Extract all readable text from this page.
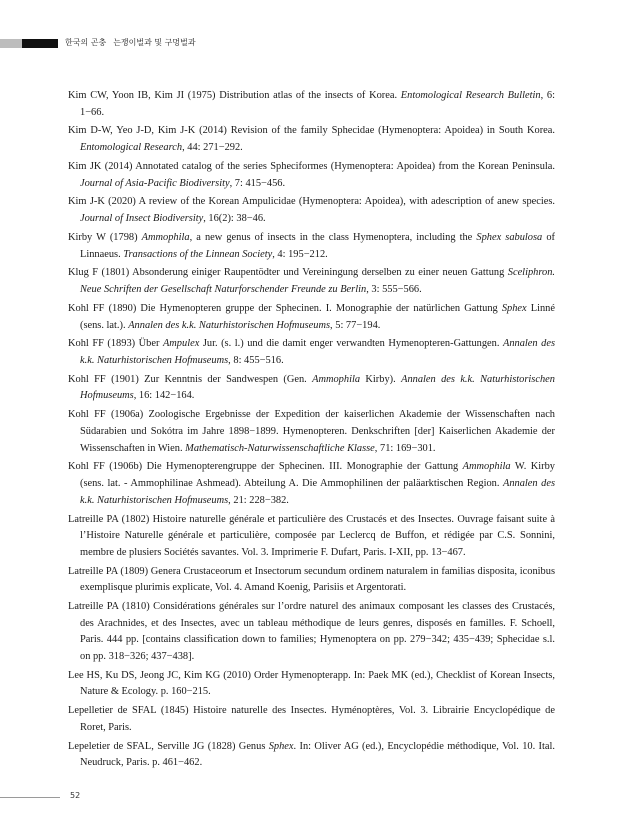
한국의 곤충 는쟁이벌과 및 구멍벌과

Kim CW, Yoon IB, Kim JI (1975) Distribution atlas of the insects of Korea. Entomological Research Bulletin, 6: 1−66.

Kim D-W, Yeo J-D, Kim J-K (2014) Revision of the family Sphecidae (Hymenoptera: Apoidea) in South Korea. Entomological Research, 44: 271−292.

Kim JK (2014) Annotated catalog of the series Spheciformes (Hymenoptera: Apoidea) from the Korean Peninsula. Journal of Asia-Pacific Biodiversity, 7: 415−456.

Kim J-K (2020) A review of the Korean Ampulicidae (Hymenoptera: Apoidea), with adescription of anew species. Journal of Insect Biodiversity, 16(2): 38−46.

Kirby W (1798) Ammophila, a new genus of insects in the class Hymenoptera, including the Sphex sabulosa of Linnaeus. Transactions of the Linnean Society, 4: 195−212.

Klug F (1801) Absonderung einiger Raupentödter und Vereiningung derselben zu einer neuen Gattung Sceliphron. Neue Schriften der Gesellschaft Naturforschender Freunde zu Berlin, 3: 555−566.

Kohl FF (1890) Die Hymenopteren gruppe der Sphecinen. I. Monographie der natürlichen Gattung Sphex Linné (sens. lat.). Annalen des k.k. Naturhistorischen Hofmuseums, 5: 77−194.

Kohl FF (1893) Über Ampulex Jur. (s. l.) und die damit enger verwandten Hymenopteren-Gattungen. Annalen des k.k. Naturhistorischen Hofmuseums, 8: 455−516.

Kohl FF (1901) Zur Kenntnis der Sandwespen (Gen. Ammophila Kirby). Annalen des k.k. Naturhistorischen Hofmuseums, 16: 142−164.

Kohl FF (1906a) Zoologische Ergebnisse der Expedition der kaiserlichen Akademie der Wissenschaften nach Südarabien und Sokótra im Jahre 1898−1899. Hymenopteren. Denkschriften [der] Kaiserlichen Akademie der Wissenschaften in Wien. Mathematisch-Naturwissenschaftliche Klasse, 71: 169−301.

Kohl FF (1906b) Die Hymenopterengruppe der Sphecinen. III. Monographie der Gattung Ammophila W. Kirby (sens. lat. - Ammophilinae Ashmead). Abteilung A. Die Ammophilinen der paläarktischen Region. Annalen des k.k. Naturhistorischen Hofmuseums, 21: 228−382.

Latreille PA (1802) Histoire naturelle générale et particulière des Crustacés et des Insectes. Ouvrage faisant suite à l’Histoire Naturelle générale et particulière, composée par Leclercq de Buffon, et rédigée par C.S. Sonnini, membre de plusiers Sociétés savantes. Vol. 3. Imprimerie F. Dufart, Paris. I-XII, pp. 13−467.

Latreille PA (1809) Genera Crustaceorum et Insectorum secundum ordinem naturalem in familias disposita, iconibus exemplisque plurimis explicate, Vol. 4. Amand Koenig, Parisiis et Argentorati.

Latreille PA (1810) Considérations générales sur l’ordre naturel des animaux composant les classes des Crustacés, des Arachnides, et des Insectes, avec un tableau méthodique de leurs genres, disposés en familles. F. Schoell, Paris. 444 pp. [contains classification down to families; Hymenoptera on pp. 279−342; 435−439; Sphecidae s.l. on pp. 318−326; 437−438].

Lee HS, Ku DS, Jeong JC, Kim KG (2010) Order Hymenopterapp. In: Paek MK (ed.), Checklist of Korean Insects, Nature & Ecology. p. 160−215.

Lepelletier de SFAL (1845) Histoire naturelle des Insectes. Hyménoptères, Vol. 3. Librairie Encyclopédique de Roret, Paris.

Lepeletier de SFAL, Serville JG (1828) Genus Sphex. In: Oliver AG (ed.), Encyclopédie méthodique, Vol. 10. Ital. Neudruck, Paris. p. 461−462.

52
